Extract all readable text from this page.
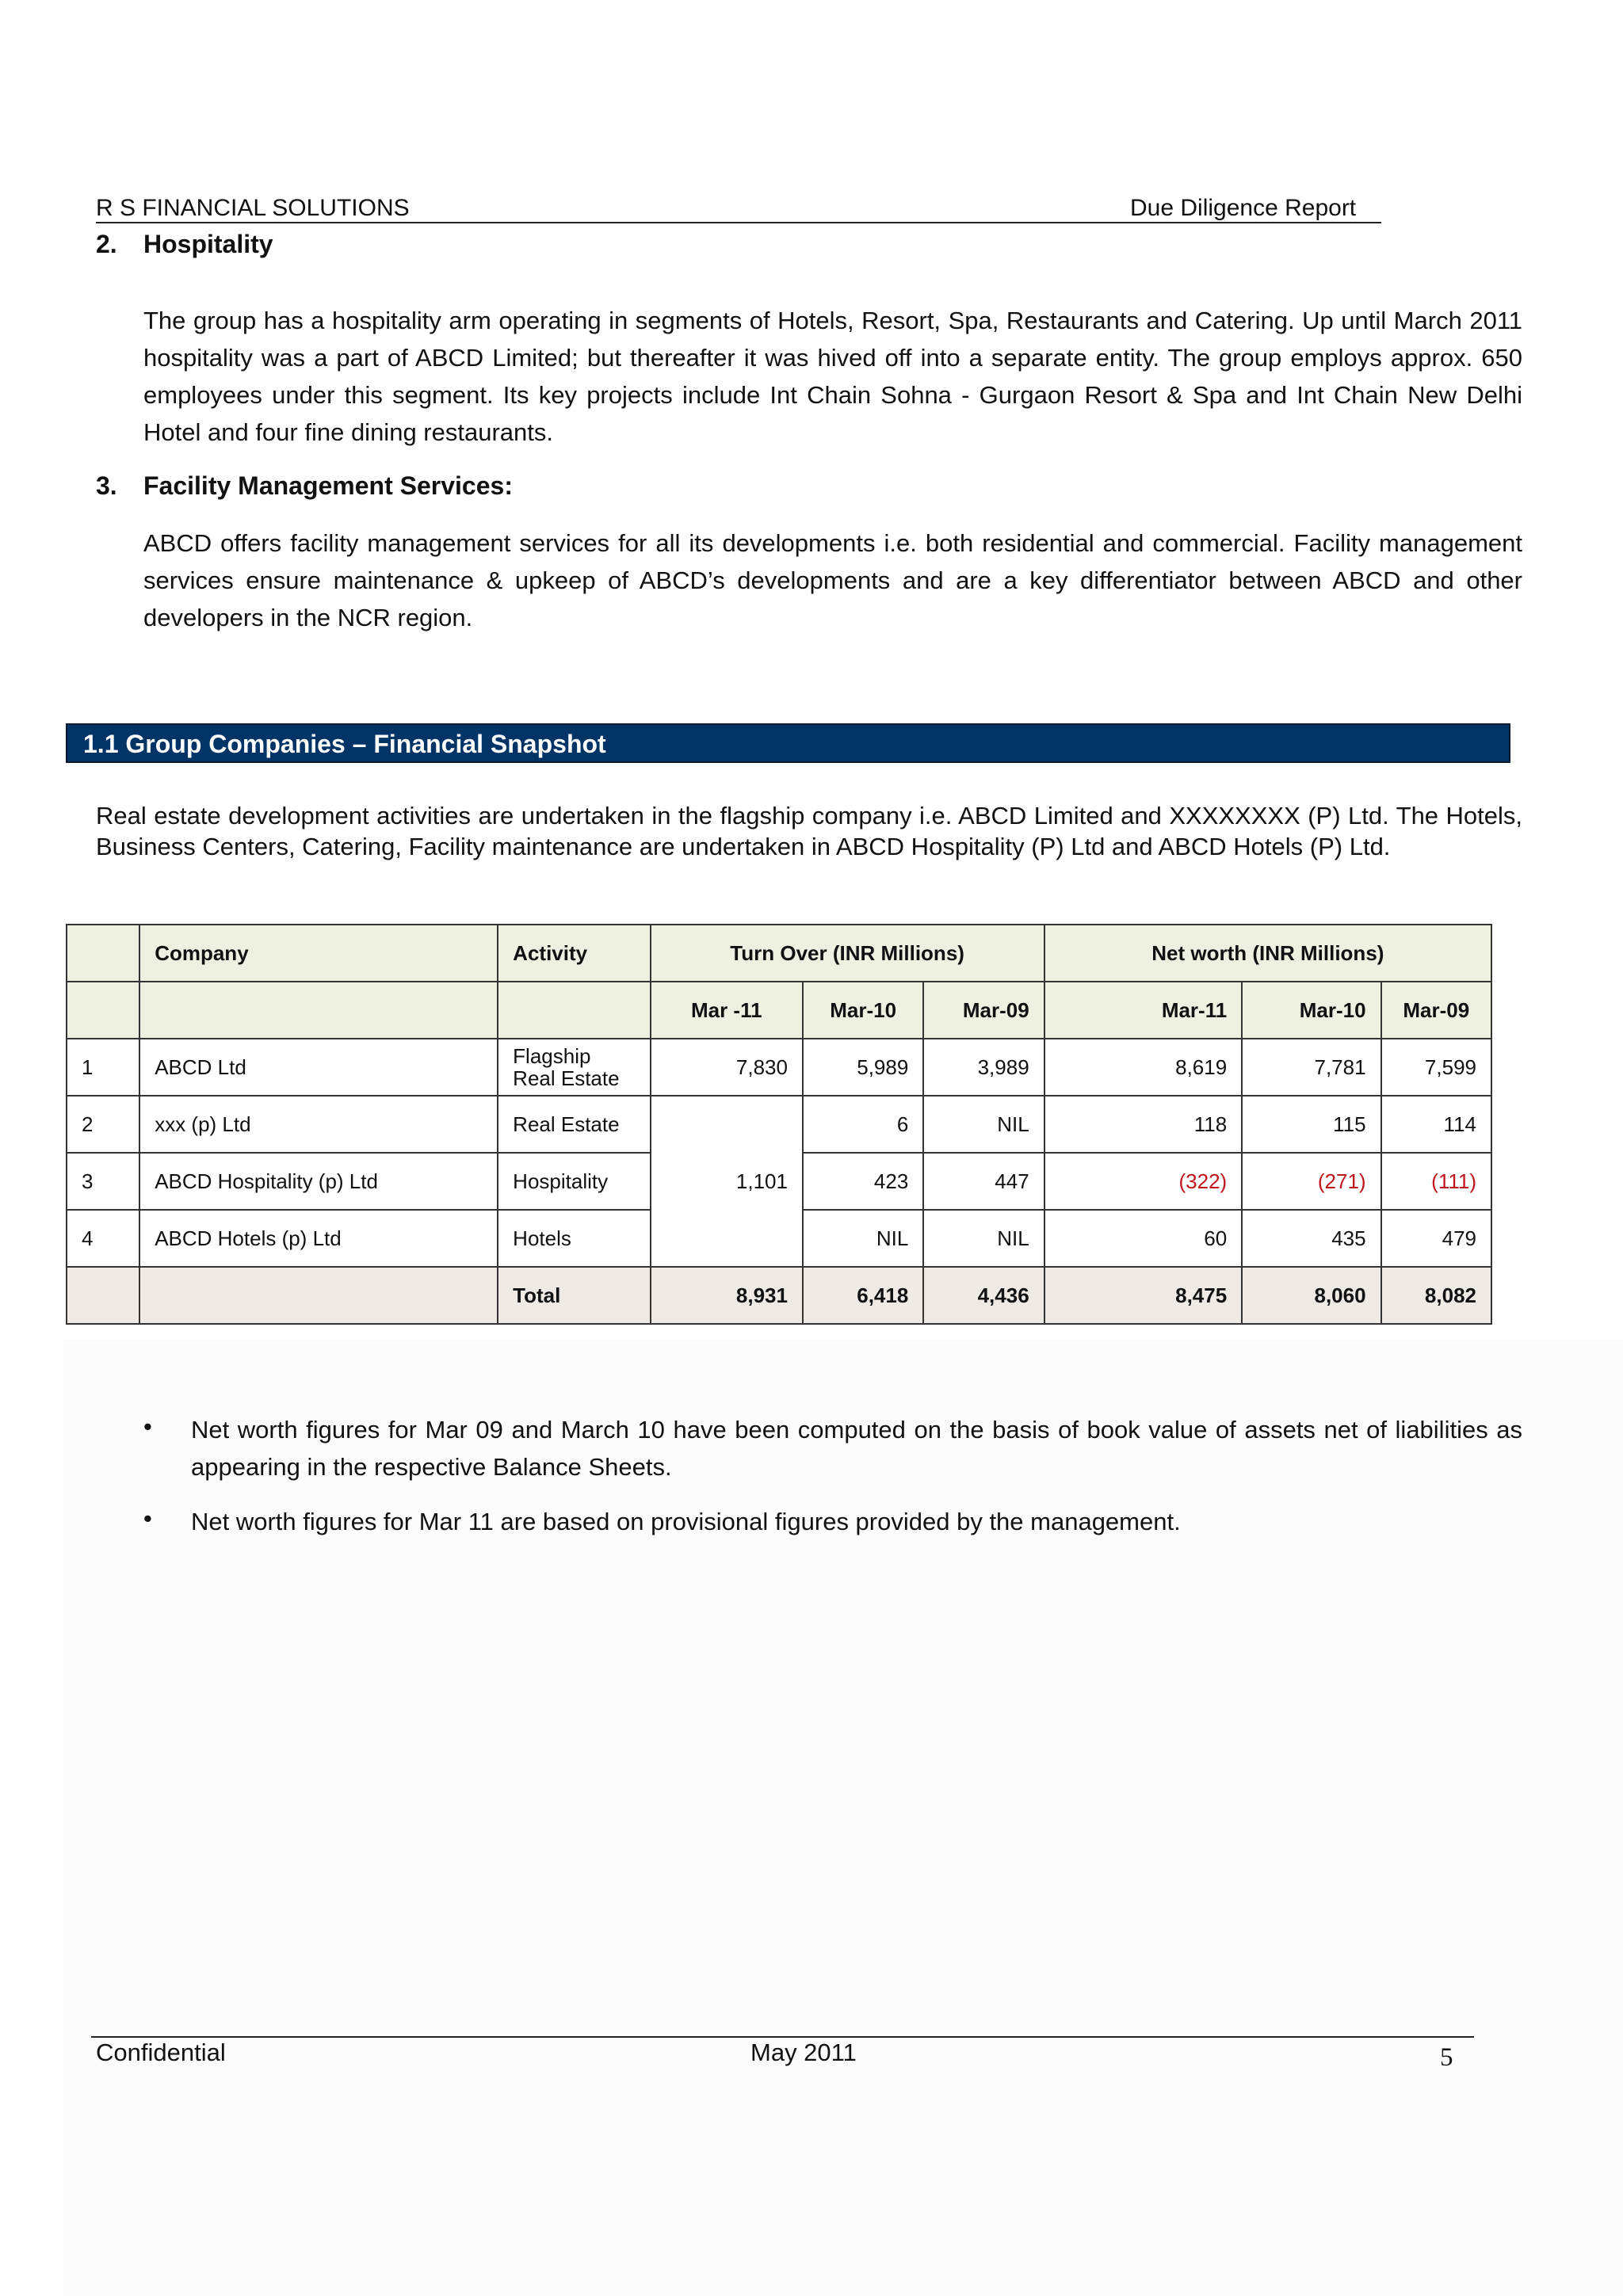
R S FINANCIAL SOLUTIONS	Due Diligence Report
2. Hospitality
The group has a hospitality arm operating in segments of Hotels, Resort, Spa, Restaurants and Catering. Up until March 2011 hospitality was a part of ABCD Limited; but thereafter it was hived off into a separate entity. The group employs approx. 650 employees under this segment. Its key projects include Int Chain Sohna - Gurgaon Resort & Spa and Int Chain New Delhi Hotel and four fine dining restaurants.
3. Facility Management Services:
ABCD offers facility management services for all its developments i.e. both residential and commercial. Facility management services ensure maintenance & upkeep of ABCD’s developments and are a key differentiator between ABCD and other developers in the NCR region.
1.1 Group Companies – Financial Snapshot
Real estate development activities are undertaken in the flagship company i.e. ABCD Limited and XXXXXXXX (P) Ltd. The Hotels, Business Centers, Catering, Facility maintenance are undertaken in ABCD Hospitality (P) Ltd and ABCD Hotels (P) Ltd.
	Company	Activity	Turn Over (INR Millions)			Net worth (INR Millions)		
			Mar -11	Mar-10	Mar-09	Mar-11	Mar-10	Mar-09
1	ABCD Ltd	Flagship Real Estate	7,830	5,989	3,989	8,619	7,781	7,599
2	xxx (p) Ltd	Real Estate	1,101	6	NIL	118	115	114
3	ABCD Hospitality (p) Ltd	Hospitality		423	447	(322)	(271)	(111)
4	ABCD Hotels (p) Ltd	Hotels		NIL	NIL	60	435	479
		Total	8,931	6,418	4,436	8,475	8,060	8,082
• Net worth figures for Mar 09 and March 10 have been computed on the basis of book value of assets net of liabilities as appearing in the respective Balance Sheets.
• Net worth figures for Mar 11 are based on provisional figures provided by the management.
Confidential	May 2011	5
